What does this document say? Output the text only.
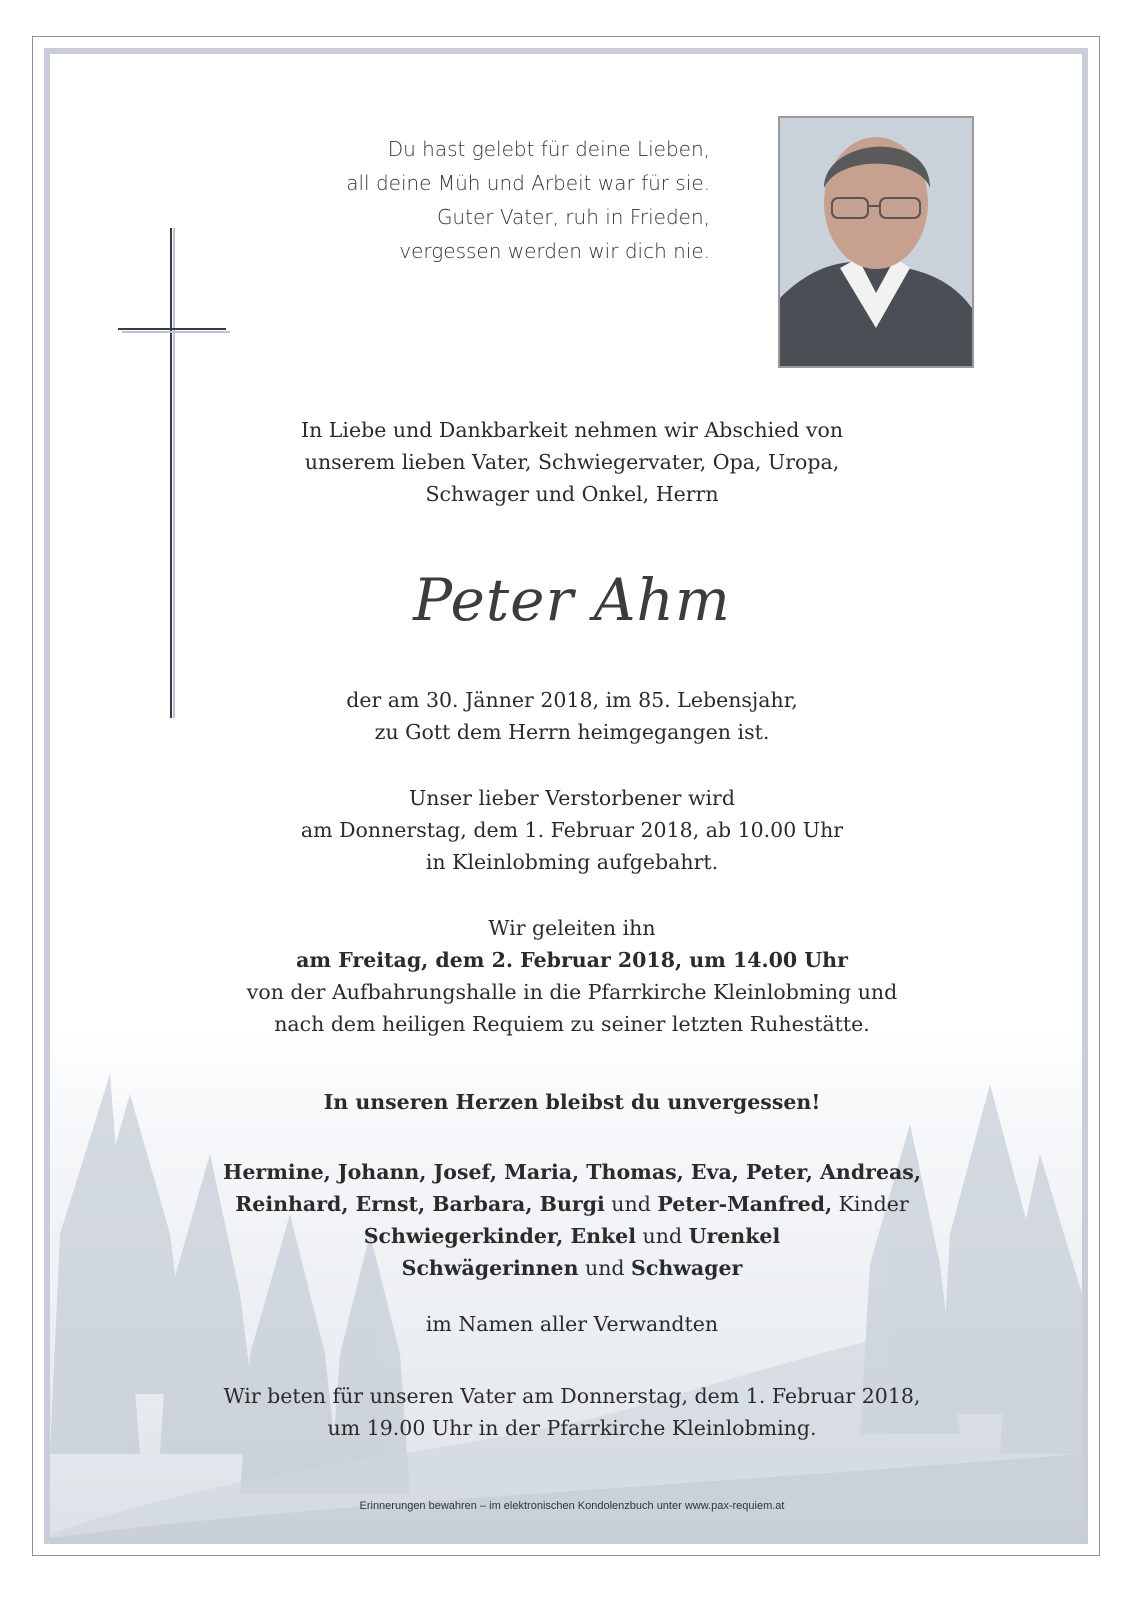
Du hast gelebt für deine Lieben,
all deine Müh und Arbeit war für sie.
Guter Vater, ruh in Frieden,
vergessen werden wir dich nie.
In Liebe und Dankbarkeit nehmen wir Abschied von
unserem lieben Vater, Schwiegervater, Opa, Uropa,
Schwager und Onkel, Herrn
Peter Ahm
der am 30. Jänner 2018, im 85. Lebensjahr,
zu Gott dem Herrn heimgegangen ist.
Unser lieber Verstorbener wird
am Donnerstag, dem 1. Februar 2018, ab 10.00 Uhr
in Kleinlobming aufgebahrt.
Wir geleiten ihn
am Freitag, dem 2. Februar 2018, um 14.00 Uhr
von der Aufbahrungshalle in die Pfarrkirche Kleinlobming und
nach dem heiligen Requiem zu seiner letzten Ruhestätte.
In unseren Herzen bleibst du unvergessen!
Hermine, Johann, Josef, Maria, Thomas, Eva, Peter, Andreas,
Reinhard, Ernst, Barbara, Burgi und Peter-Manfred, Kinder
Schwiegerkinder, Enkel und Urenkel
Schwägerinnen und Schwager
im Namen aller Verwandten
Wir beten für unseren Vater am Donnerstag, dem 1. Februar 2018,
um 19.00 Uhr in der Pfarrkirche Kleinlobming.
Erinnerungen bewahren – im elektronischen Kondolenzbuch unter www.pax-requiem.at
